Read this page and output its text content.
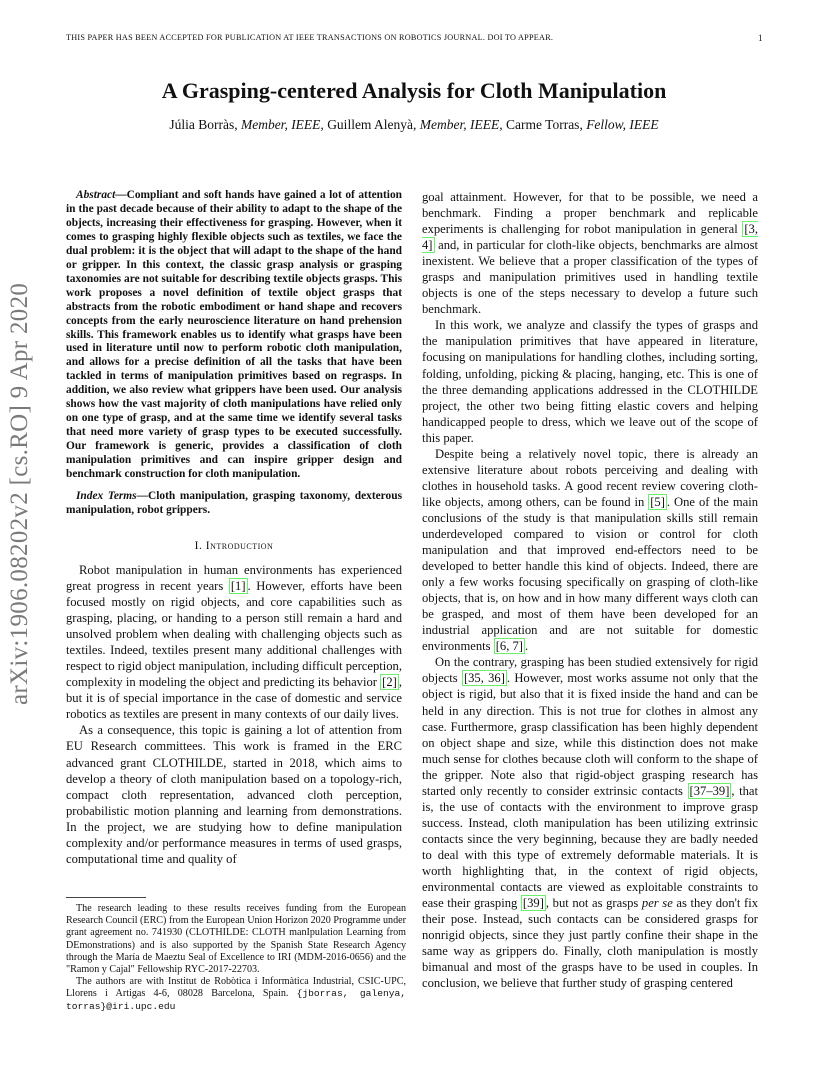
THIS PAPER HAS BEEN ACCEPTED FOR PUBLICATION AT IEEE TRANSACTIONS ON ROBOTICS JOURNAL. DOI TO APPEAR.	1
A Grasping-centered Analysis for Cloth Manipulation
Júlia Borràs, Member, IEEE, Guillem Alenyà, Member, IEEE, Carme Torras, Fellow, IEEE
arXiv:1906.08202v2 [cs.RO] 9 Apr 2020

Abstract—Compliant and soft hands have gained a lot of attention in the past decade because of their ability to adapt to the shape of the objects, increasing their effectiveness for grasping. However, when it comes to grasping highly flexible objects such as textiles, we face the dual problem: it is the object that will adapt to the shape of the hand or gripper. In this context, the classic grasp analysis or grasping taxonomies are not suitable for describing textile objects grasps. This work proposes a novel definition of textile object grasps that abstracts from the robotic embodiment or hand shape and recovers concepts from the early neuroscience literature on hand prehension skills. This framework enables us to identify what grasps have been used in literature until now to perform robotic cloth manipulation, and allows for a precise definition of all the tasks that have been tackled in terms of manipulation primitives based on regrasps. In addition, we also review what grippers have been used. Our analysis shows how the vast majority of cloth manipulations have relied only on one type of grasp, and at the same time we identify several tasks that need more variety of grasp types to be executed successfully. Our framework is generic, provides a classification of cloth manipulation primitives and can inspire gripper design and benchmark construction for cloth manipulation.

Index Terms—Cloth manipulation, grasping taxonomy, dexterous manipulation, robot grippers.

I. Introduction

Robot manipulation in human environments has experienced great progress in recent years [1] . However, efforts have been focused mostly on rigid objects, and core capabilities such as grasping, placing, or handing to a person still remain a hard and unsolved problem when dealing with challenging objects such as textiles. Indeed, textiles present many additional challenges with respect to rigid object manipulation, including difficult perception, complexity in modeling the object and predicting its behavior [2] , but it is of special importance in the case of domestic and service robotics as textiles are present in many contexts of our daily lives.

As a consequence, this topic is gaining a lot of attention from EU Research committees. This work is framed in the ERC advanced grant CLOTHILDE, started in 2018, which aims to develop a theory of cloth manipulation based on a topology-rich, compact cloth representation, advanced cloth perception, probabilistic motion planning and learning from demonstrations. In the project, we are studying how to define manipulation complexity and/or performance measures in terms of used grasps, computational time and quality of

The research leading to these results receives funding from the European Research Council (ERC) from the European Union Horizon 2020 Programme under grant agreement no. 741930 (CLOTHILDE: CLOTH manIpulation Learning from DEmonstrations) and is also supported by the Spanish State Research Agency through the María de Maeztu Seal of Excellence to IRI (MDM-2016-0656) and the "Ramon y Cajal" Fellowship RYC-2017-22703.

The authors are with Institut de Robòtica i Informàtica Industrial, CSIC-UPC, Llorens i Artigas 4-6, 08028 Barcelona, Spain. {jborras, galenya, torras}@iri.upc.edu

goal attainment. However, for that to be possible, we need a benchmark. Finding a proper benchmark and replicable experiments is challenging for robot manipulation in general [3, 4] and, in particular for cloth-like objects, benchmarks are almost inexistent. We believe that a proper classification of the types of grasps and manipulation primitives used in handling textile objects is one of the steps necessary to develop a future such benchmark.

In this work, we analyze and classify the types of grasps and the manipulation primitives that have appeared in literature, focusing on manipulations for handling clothes, including sorting, folding, unfolding, picking & placing, hanging, etc. This is one of the three demanding applications addressed in the CLOTHILDE project, the other two being fitting elastic covers and helping handicapped people to dress, which we leave out of the scope of this paper.

Despite being a relatively novel topic, there is already an extensive literature about robots perceiving and dealing with clothes in household tasks. A good recent review covering cloth-like objects, among others, can be found in [5] . One of the main conclusions of the study is that manipulation skills still remain underdeveloped compared to vision or control for cloth manipulation and that improved end-effectors need to be developed to better handle this kind of objects. Indeed, there are only a few works focusing specifically on grasping of cloth-like objects, that is, on how and in how many different ways cloth can be grasped, and most of them have been developed for an industrial application and are not suitable for domestic environments [6, 7] .

On the contrary, grasping has been studied extensively for rigid objects [35, 36] . However, most works assume not only that the object is rigid, but also that it is fixed inside the hand and can be held in any direction. This is not true for clothes in almost any case. Furthermore, grasp classification has been highly dependent on object shape and size, while this distinction does not make much sense for clothes because cloth will conform to the shape of the gripper. Note also that rigid-object grasping research has started only recently to consider extrinsic contacts [37–39] , that is, the use of contacts with the environment to improve grasp success. Instead, cloth manipulation has been utilizing extrinsic contacts since the very beginning, because they are badly needed to deal with this type of extremely deformable materials. It is worth highlighting that, in the context of rigid objects, environmental contacts are viewed as exploitable constraints to ease their grasping [39] , but not as grasps per se as they don't fix their pose. Instead, such contacts can be considered grasps for nonrigid objects, since they just partly confine their shape in the same way as grippers do. Finally, cloth manipulation is mostly bimanual and most of the grasps have to be used in couples. In conclusion, we believe that further study of grasping centered
